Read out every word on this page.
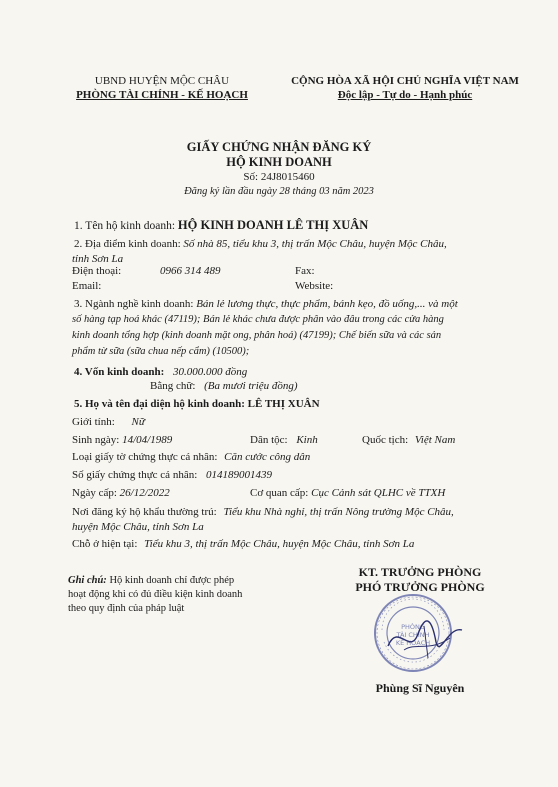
UBND HUYỆN MỘC CHÂU
PHÒNG TÀI CHÍNH - KẾ HOẠCH
CỘNG HÒA XÃ HỘI CHỦ NGHĨA VIỆT NAM
Độc lập - Tự do - Hạnh phúc
GIẤY CHỨNG NHẬN ĐĂNG KÝ
HỘ KINH DOANH
Số: 24J8015460
Đăng ký lần đầu ngày 28 tháng 03 năm 2023
1. Tên hộ kinh doanh: HỘ KINH DOANH LÊ THỊ XUÂN
2. Địa điểm kinh doanh: Số nhà 85, tiểu khu 3, thị trấn Mộc Châu, huyện Mộc Châu,
tỉnh Sơn La
Điện thoại:	0966 314 489	Fax:
Email:	Website:
3. Ngành nghề kinh doanh: Bán lẻ lương thực, thực phẩm, bánh kẹo, đồ uống,... và một
số hàng tạp hoá khác (47119); Bán lẻ khác chưa được phân vào đâu trong các cửa hàng
kinh doanh tổng hợp (kinh doanh mặt ong, phân hoá) (47199); Chế biến sữa và các sản
phẩm từ sữa (sữa chua nếp cẩm) (10500);
4. Vốn kinh doanh: 30.000.000 đồng
Bằng chữ: (Ba mươi triệu đồng)
5. Họ và tên đại diện hộ kinh doanh: LÊ THỊ XUÂN
Giới tính: Nữ
Sinh ngày: 14/04/1989	Dân tộc: Kinh	Quốc tịch: Việt Nam
Loại giấy tờ chứng thực cá nhân: Căn cước công dân
Số giấy chứng thực cá nhân: 014189001439
Ngày cấp: 26/12/2022	Cơ quan cấp: Cục Cảnh sát QLHC về TTXH
Nơi đăng ký hộ khẩu thường trú: Tiểu khu Nhà nghỉ, thị trấn Nông trường Mộc Châu,
huyện Mộc Châu, tỉnh Sơn La
Chỗ ở hiện tại: Tiểu khu 3, thị trấn Mộc Châu, huyện Mộc Châu, tỉnh Sơn La
Ghi chú: Hộ kinh doanh chỉ được phép
hoạt động khi có đủ điều kiện kinh doanh
theo quy định của pháp luật
KT. TRƯỞNG PHÒNG
PHÓ TRƯỞNG PHÒNG
PHÒNG
TÀI CHÍNH
KẾ HOẠCH
Phùng Sĩ Nguyên
